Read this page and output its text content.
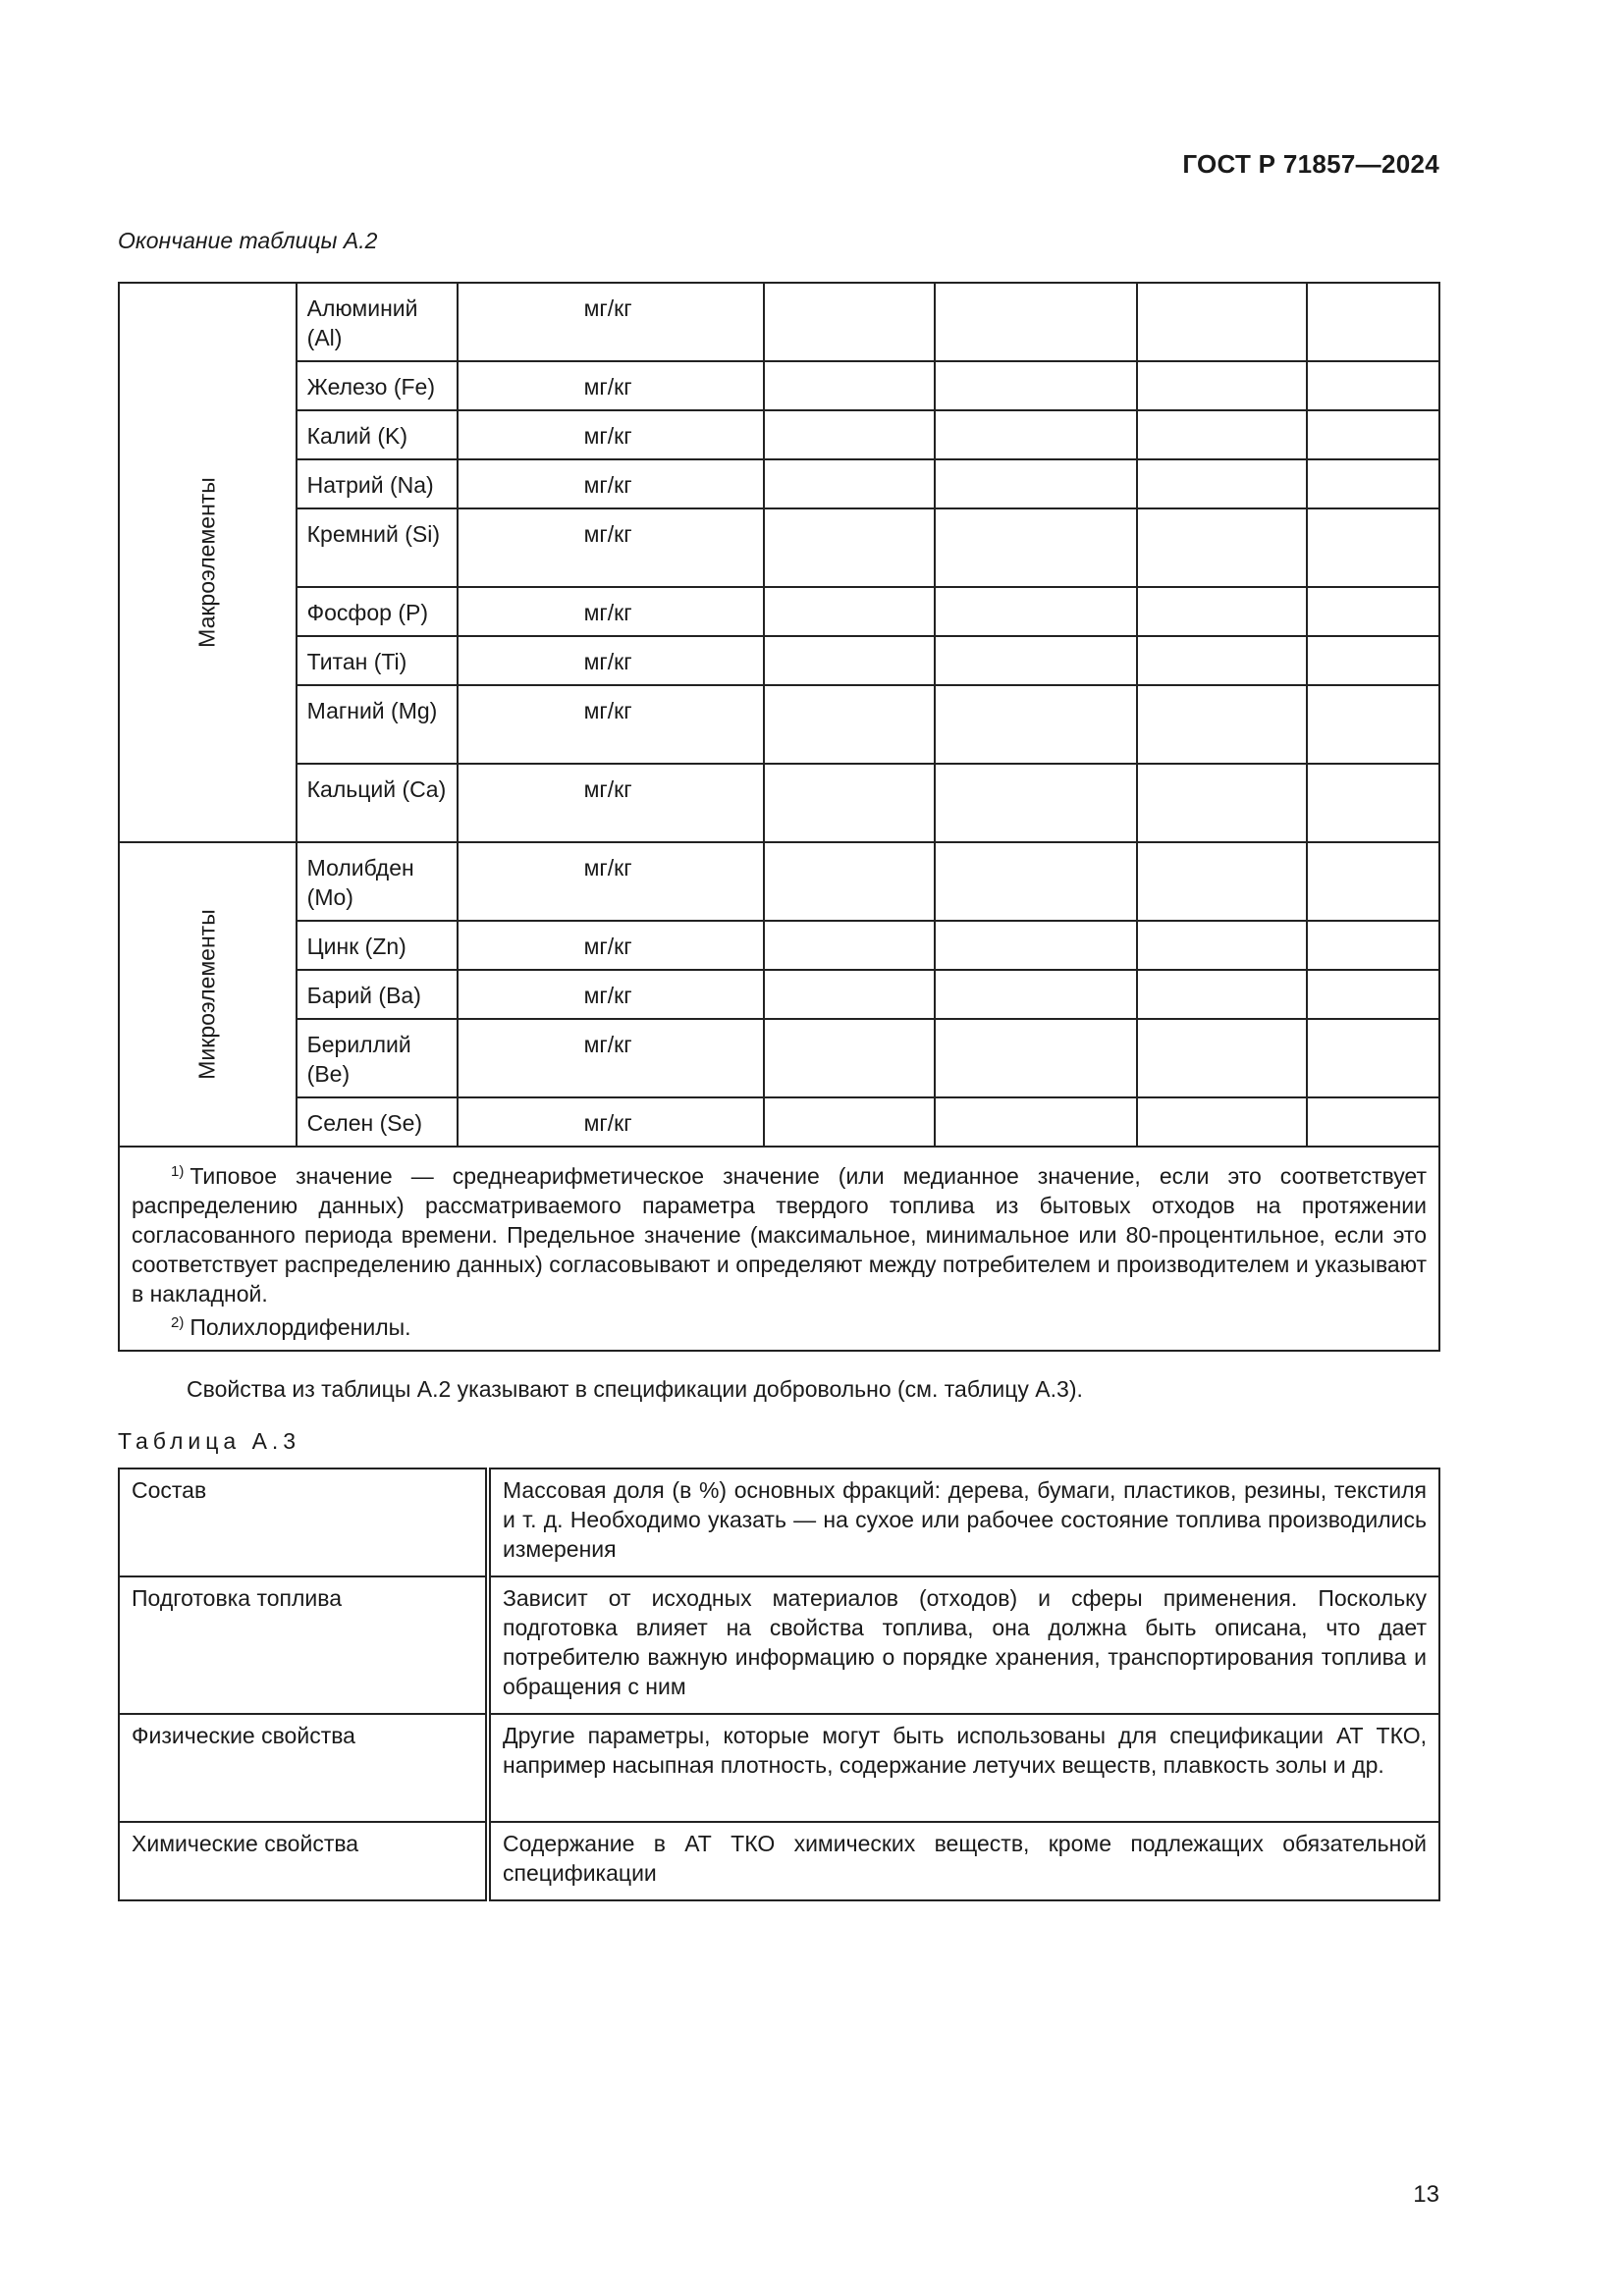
ГОСТ Р 71857—2024
Окончание таблицы А.2
Макроэлементы	Алюминий (Al)	мг/кг				

	Железо (Fe)	мг/кг				

	Калий (K)	мг/кг				

	Натрий (Na)	мг/кг				

	Кремний (Si)	мг/кг				

	Фосфор (P)	мг/кг				

	Титан (Ti)	мг/кг				

	Магний (Mg)	мг/кг				

	Кальций (Ca)	мг/кг				

Микроэлементы	Молибден (Mo)	мг/кг				

	Цинк (Zn)	мг/кг				

	Барий (Ba)	мг/кг				

	Бериллий (Be)	мг/кг				

	Селен (Se)	мг/кг				

$^{1)}$ Типовое значение — среднеарифметическое значение (или медианное значение, если это соответствует распределению данных) рассматриваемого параметра твердого топлива из бытовых отходов на протяжении согласованного периода времени. Предельное значение (максимальное, минимальное или 80-процентильное, если это соответствует распределению данных) согласовывают и определяют между потребителем и производителем и указывают в накладной.
$^{2)}$ Полихлордифенилы.						
Свойства из таблицы А.2 указывают в спецификации добровольно (см. таблицу А.3).
Таблица А.3
Состав	Массовая доля (в %) основных фракций: дерева, бумаги, пластиков, резины, текстиля и т. д. Необходимо указать — на сухое или рабочее состояние топлива производились измерения
Подготовка топлива	Зависит от исходных материалов (отходов) и сферы применения. Поскольку подготовка влияет на свойства топлива, она должна быть описана, что дает потребителю важную информацию о порядке хранения, транспортирования топлива и обращения с ним
Физические свойства	Другие параметры, которые могут быть использованы для спецификации АТ ТКО, например насыпная плотность, содержание летучих веществ, плавкость золы и др.
Химические свойства	Содержание в АТ ТКО химических веществ, кроме подлежащих обязательной спецификации
13
